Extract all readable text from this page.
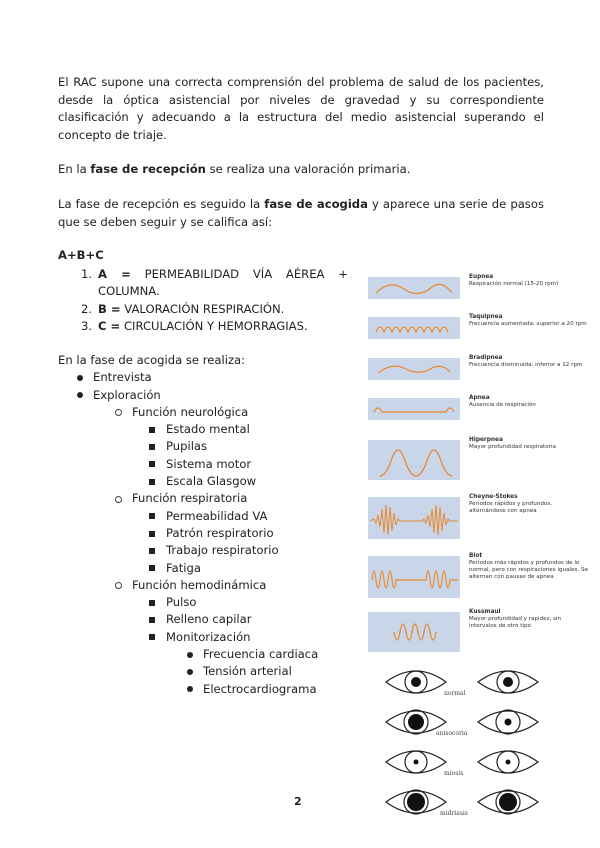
El RAC supone una correcta comprensión del problema de salud de los pacientes, desde la óptica asistencial por niveles de gravedad y su correspondiente clasificación y adecuando a la estructura del medio asistencial superando el concepto de triaje.

En la fase de recepción se realiza una valoración primaria.

La fase de recepción es seguido la fase de acogida y aparece una serie de pasos que se deben seguir y se califica así:

A+B+C
1. A = PERMEABILIDAD VÍA AÉREA + COLUMNA.
2. B = VALORACIÓN RESPIRACIÓN.
3. C = CIRCULACIÓN Y HEMORRAGIAS.
En la fase de acogida se realiza:
Entrevista
Exploración
Función neurológica
Estado mental
Pupilas
Sistema motor
Escala Glasgow
Función respiratoria
Permeabilidad VA
Patrón respiratorio
Trabajo respiratorio
Fatiga
Función hemodinámica
Pulso
Relleno capilar
Monitorización
Frecuencia cardiaca
Tensión arterial
Electrocardiograma
Eupnea
Respiración normal (15-20 rpm)
Taquipnea
Frecuencia aumentada: superior a 20 rpm
Bradipnea
Frecuencia disminuida: inferior a 12 rpm
Apnea
Ausencia de respiración
Hiperpnea
Mayor profundidad respiratoria
Cheyne-Stokes
Períodos rápidos y profundos, alternándose con apnea
Biot
Períodos más rápidos y profundos de lo normal, pero con respiraciones iguales. Se alternan con pausas de apnea
Kussmaul
Mayor profundidad y rapidez, sin intervalos de otro tipo
normal
anisocoria
miosis
midriasis
2
